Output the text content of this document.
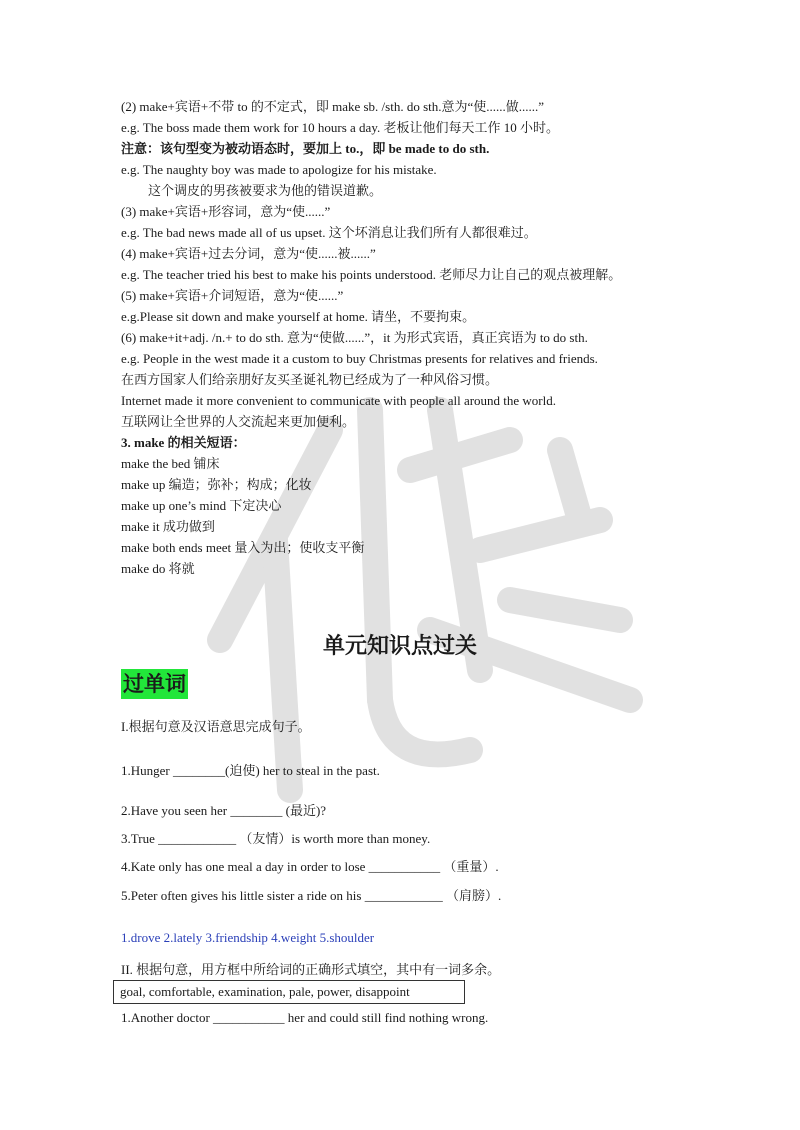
(2) make+宾语+不带 to 的不定式，即 make sb. /sth. do sth.意为“使......做......”
e.g. The boss made them work for 10 hours a day. 老板让他们每天工作 10 小时。
注意：该句型变为被动语态时，要加上 to.，即 be made to do sth.
e.g. The naughty boy was made to apologize for his mistake.
这个调皮的男孩被要求为他的错误道歉。
(3) make+宾语+形容词，意为“使......”
e.g. The bad news made all of us upset. 这个坏消息让我们所有人都很难过。
(4) make+宾语+过去分词，意为“使......被......”
e.g. The teacher tried his best to make his points understood. 老师尽力让自己的观点被理解。
(5) make+宾语+介词短语，意为“使......”
e.g.Please sit down and make yourself at home. 请坐，不要拘束。
(6) make+it+adj. /n.+ to do sth. 意为“使做......”，it 为形式宾语，真正宾语为 to do sth.
e.g. People in the west made it a custom to buy Christmas presents for relatives and friends.
在西方国家人们给亲朋好友买圣诞礼物已经成为了一种风俗习惯。
Internet made it more convenient to communicate with people all around the world.
互联网让全世界的人交流起来更加便利。
3. make 的相关短语：
make the bed 铺床
make up 编造；弥补；构成；化妆
make up one’s mind 下定决心
make it 成功做到
make both ends meet 量入为出；使收支平衡
make do 将就
单元知识点过关
过单词
I.根据句意及汉语意思完成句子。
1.Hunger ________(迫使) her to steal in the past.
2.Have you seen her ________ (最近)?
3.True ____________ （友情）is worth more than money.
4.Kate only has one meal a day in order to lose ___________ （重量）.
5.Peter often gives his little sister a ride on his ____________ （肩膀）.
1.drove 2.lately 3.friendship 4.weight 5.shoulder
II. 根据句意，用方框中所给词的正确形式填空，其中有一词多余。
goal, comfortable, examination, pale, power, disappoint
1.Another doctor ___________ her and could still find nothing wrong.
